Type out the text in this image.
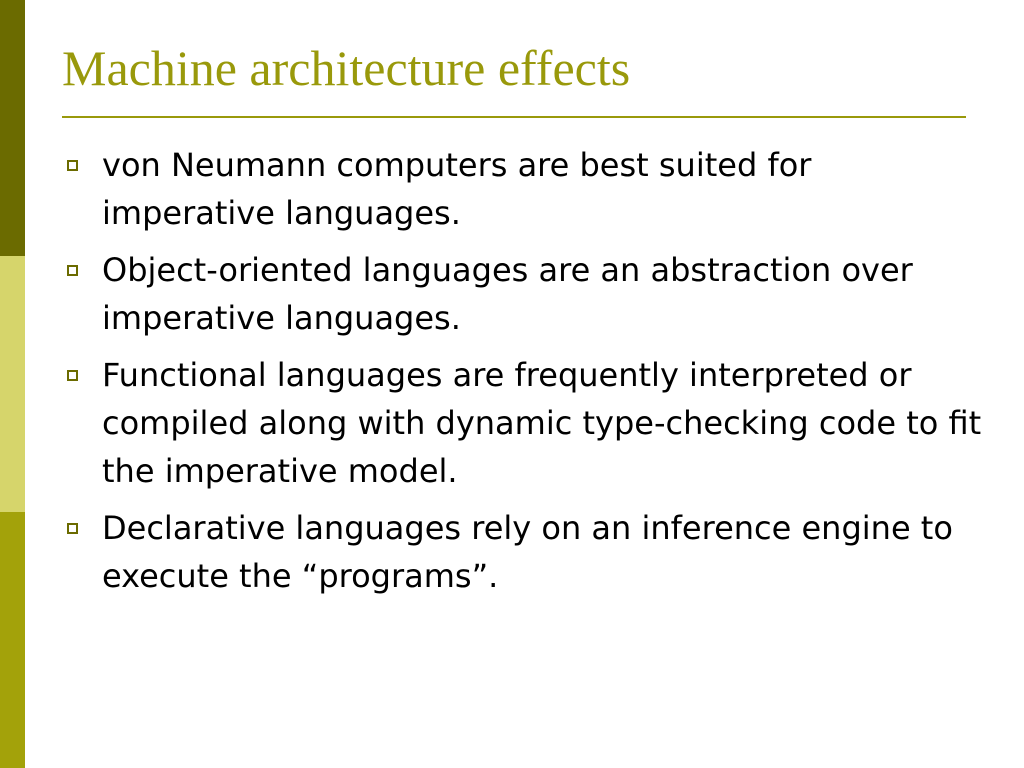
Machine architecture effects
von Neumann computers are best suited for imperative languages.
Object-oriented languages are an abstraction over imperative languages.
Functional languages are frequently interpreted or compiled along with dynamic type-checking code to fit the imperative model.
Declarative languages rely on an inference engine to execute the “programs”.
